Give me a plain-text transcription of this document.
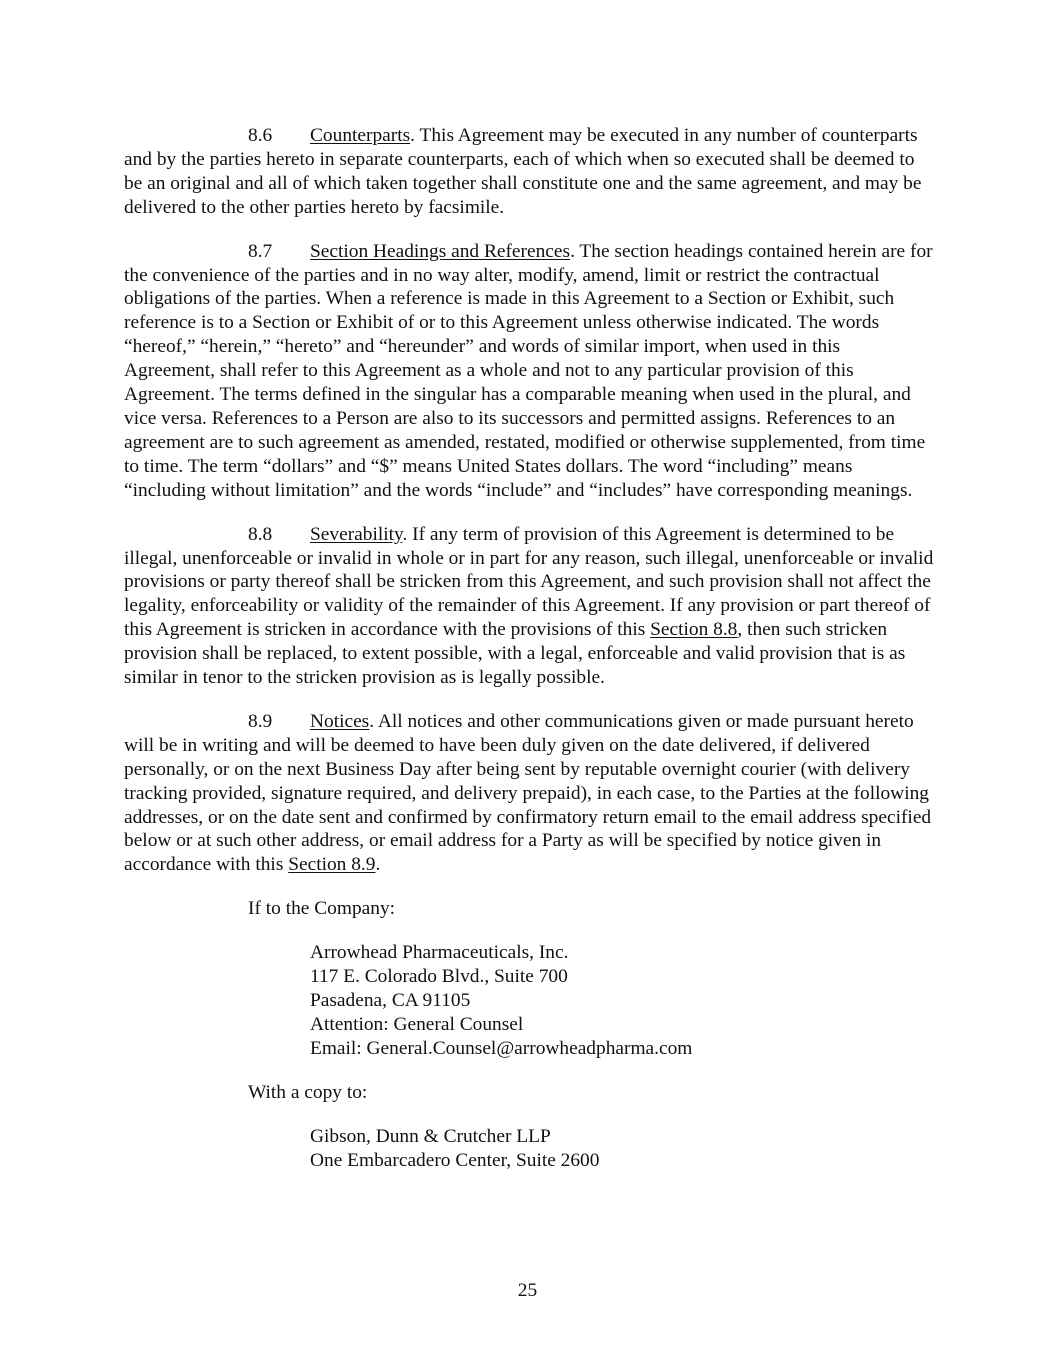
8.6 Counterparts. This Agreement may be executed in any number of counterparts and by the parties hereto in separate counterparts, each of which when so executed shall be deemed to be an original and all of which taken together shall constitute one and the same agreement, and may be delivered to the other parties hereto by facsimile.

8.7 Section Headings and References. The section headings contained herein are for the convenience of the parties and in no way alter, modify, amend, limit or restrict the contractual obligations of the parties. When a reference is made in this Agreement to a Section or Exhibit, such reference is to a Section or Exhibit of or to this Agreement unless otherwise indicated. The words “hereof,” “herein,” “hereto” and “hereunder” and words of similar import, when used in this Agreement, shall refer to this Agreement as a whole and not to any particular provision of this Agreement. The terms defined in the singular has a comparable meaning when used in the plural, and vice versa. References to a Person are also to its successors and permitted assigns. References to an agreement are to such agreement as amended, restated, modified or otherwise supplemented, from time to time. The term “dollars” and “$” means United States dollars. The word “including” means “including without limitation” and the words “include” and “includes” have corresponding meanings.

8.8 Severability. If any term of provision of this Agreement is determined to be illegal, unenforceable or invalid in whole or in part for any reason, such illegal, unenforceable or invalid provisions or party thereof shall be stricken from this Agreement, and such provision shall not affect the legality, enforceability or validity of the remainder of this Agreement. If any provision or part thereof of this Agreement is stricken in accordance with the provisions of this Section 8.8, then such stricken provision shall be replaced, to extent possible, with a legal, enforceable and valid provision that is as similar in tenor to the stricken provision as is legally possible.

8.9 Notices. All notices and other communications given or made pursuant hereto will be in writing and will be deemed to have been duly given on the date delivered, if delivered personally, or on the next Business Day after being sent by reputable overnight courier (with delivery tracking provided, signature required, and delivery prepaid), in each case, to the Parties at the following addresses, or on the date sent and confirmed by confirmatory return email to the email address specified below or at such other address, or email address for a Party as will be specified by notice given in accordance with this Section 8.9.

If to the Company:

Arrowhead Pharmaceuticals, Inc.
117 E. Colorado Blvd., Suite 700
Pasadena, CA 91105
Attention: General Counsel
Email: General.Counsel@arrowheadpharma.com

With a copy to:

Gibson, Dunn & Crutcher LLP
One Embarcadero Center, Suite 2600
25
